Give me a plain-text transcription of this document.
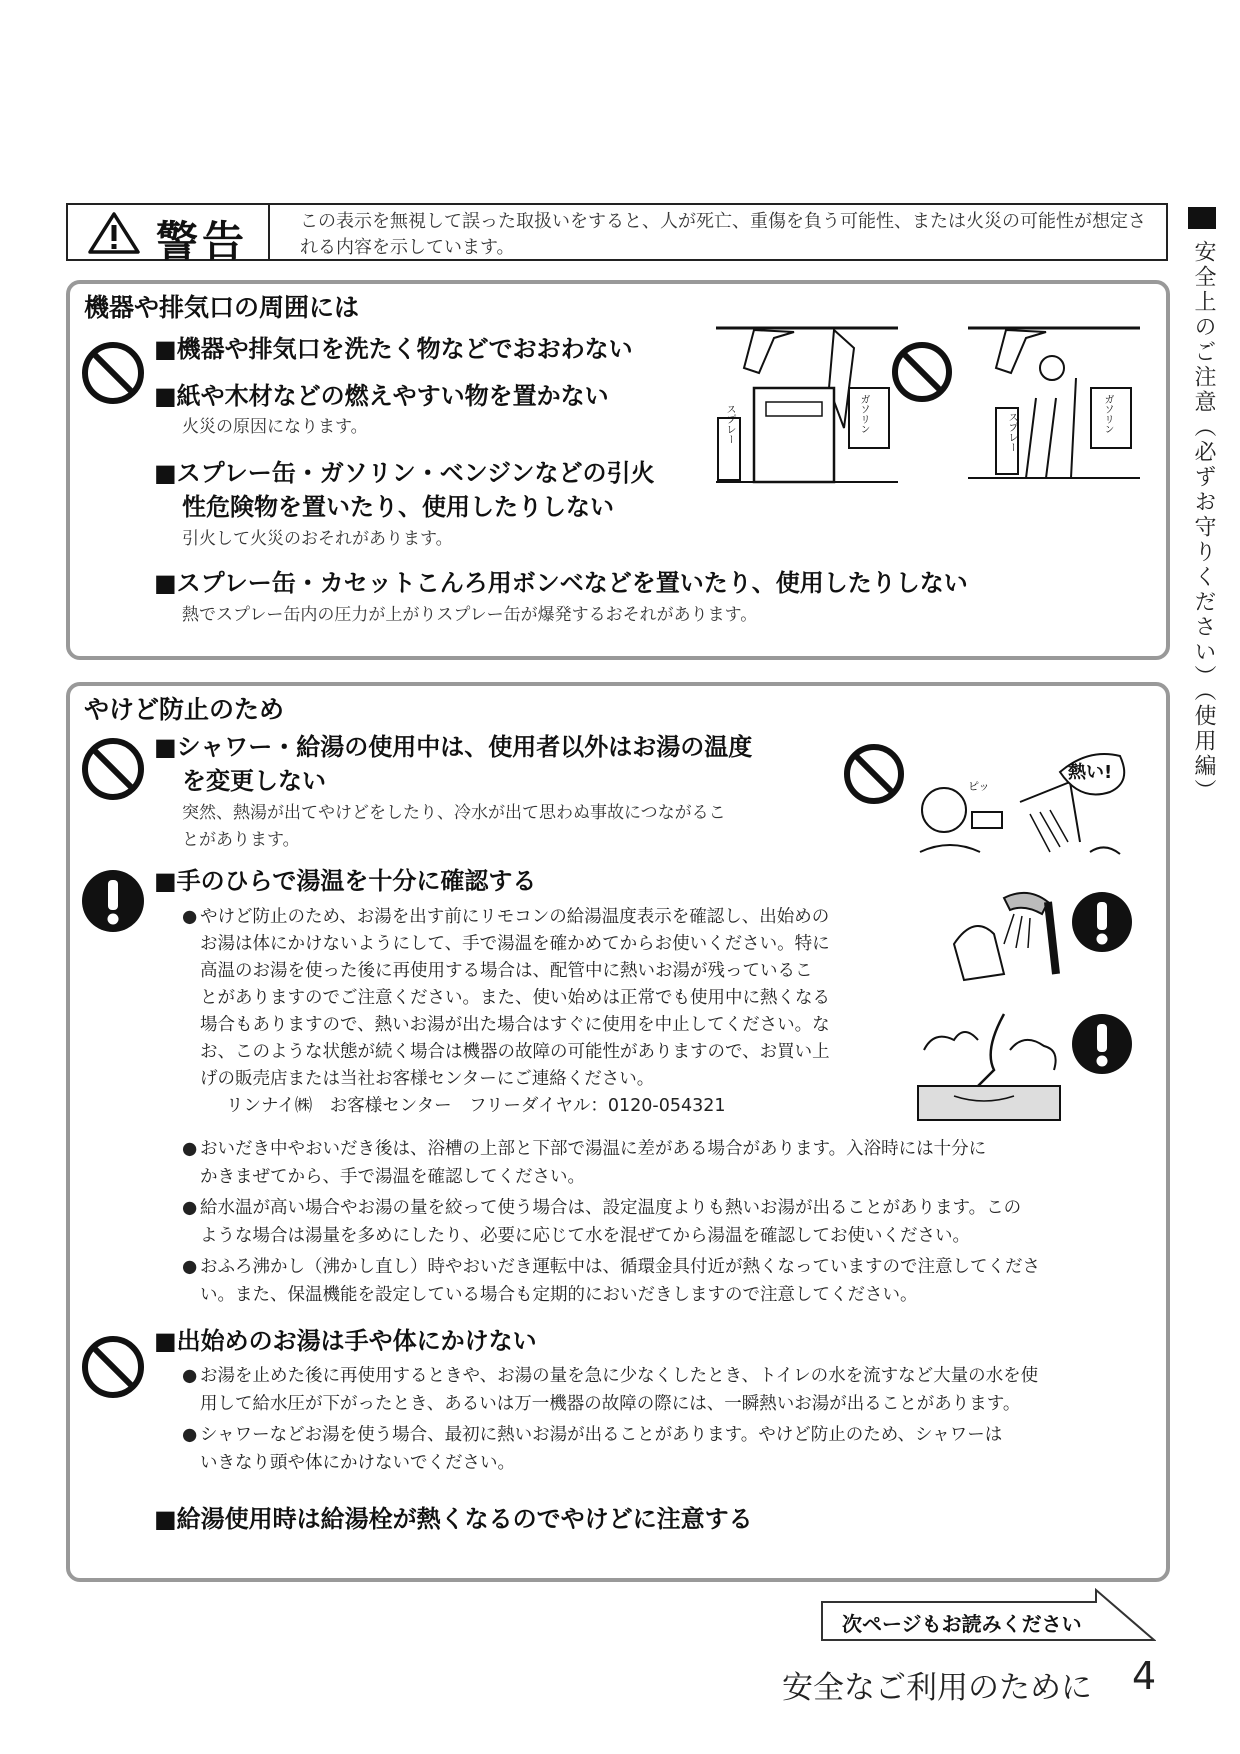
警告	この表示を無視して誤った取扱いをすると、人が死亡、重傷を負う可能性、または火災の可能性が想定される内容を示しています。	安全上のご注意（必ずお守りください）（使用編）
機器や排気口の周囲には
■機器や排気口を洗たく物などでおおわない
■紙や木材などの燃えやすい物を置かない
火災の原因になります。
■スプレー缶・ガソリン・ベンジンなどの引火
性危険物を置いたり、使用したりしない
引火して火災のおそれがあります。
■スプレー缶・カセットこんろ用ボンベなどを置いたり、使用したりしない
熱でスプレー缶内の圧力が上がりスプレー缶が爆発するおそれがあります。
スプレー	ガソリン	スプレー	ガソリン
やけど防止のため
■シャワー・給湯の使用中は、使用者以外はお湯の温度
を変更しない
突然、熱湯が出てやけどをしたり、冷水が出て思わぬ事故につながるこ
とがあります。
熱い!
ピッ
■手のひらで湯温を十分に確認する
● やけど防止のため、お湯を出す前にリモコンの給湯温度表示を確認し、出始めの
お湯は体にかけないようにして、手で湯温を確かめてからお使いください。特に
高温のお湯を使った後に再使用する場合は、配管中に熱いお湯が残っているこ
とがありますのでご注意ください。また、使い始めは正常でも使用中に熱くなる
場合もありますので、熱いお湯が出た場合はすぐに使用を中止してください。な
お、このような状態が続く場合は機器の故障の可能性がありますので、お買い上
げの販売店または当社お客様センターにご連絡ください。
リンナイ㈱　お客様センター　フリーダイヤル：0120-054321
● おいだき中やおいだき後は、浴槽の上部と下部で湯温に差がある場合があります。入浴時には十分に
かきまぜてから、手で湯温を確認してください。
● 給水温が高い場合やお湯の量を絞って使う場合は、設定温度よりも熱いお湯が出ることがあります。この
ような場合は湯量を多めにしたり、必要に応じて水を混ぜてから湯温を確認してお使いください。
● おふろ沸かし（沸かし直し）時やおいだき運転中は、循環金具付近が熱くなっていますので注意してくださ
い。また、保温機能を設定している場合も定期的においだきしますので注意してください。
■出始めのお湯は手や体にかけない
● お湯を止めた後に再使用するときや、お湯の量を急に少なくしたとき、トイレの水を流すなど大量の水を使
用して給水圧が下がったとき、あるいは万一機器の故障の際には、一瞬熱いお湯が出ることがあります。
● シャワーなどお湯を使う場合、最初に熱いお湯が出ることがあります。やけど防止のため、シャワーは
いきなり頭や体にかけないでください。
■給湯使用時は給湯栓が熱くなるのでやけどに注意する
次ページもお読みください
安全なご利用のために 4
